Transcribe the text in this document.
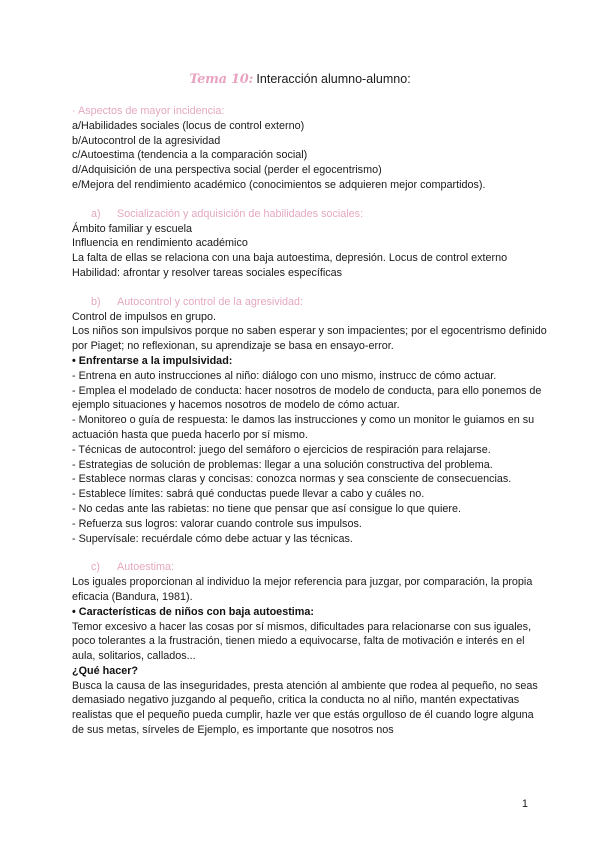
Tema 10: Interacción alumno-alumno:

· Aspectos de mayor incidencia:

a/Habilidades sociales (locus de control externo)

b/Autocontrol de la agresividad

c/Autoestima (tendencia a la comparación social)

d/Adquisición de una perspectiva social (perder el egocentrismo)

e/Mejora del rendimiento académico (conocimientos se adquieren mejor compartidos).

a) Socialización y adquisición de habilidades sociales:

Ámbito familiar y escuela

Influencia en rendimiento académico

La falta de ellas se relaciona con una baja autoestima, depresión. Locus de control externo

Habilidad: afrontar y resolver tareas sociales específicas

b) Autocontrol y control de la agresividad:

Control de impulsos en grupo.

Los niños son impulsivos porque no saben esperar y son impacientes; por el egocentrismo definido por Piaget; no reflexionan, su aprendizaje se basa en ensayo-error.

• Enfrentarse a la impulsividad:

- Entrena en auto instrucciones al niño: diálogo con uno mismo, instrucc de cómo actuar.

- Emplea el modelado de conducta: hacer nosotros de modelo de conducta, para ello ponemos de ejemplo situaciones y hacemos nosotros de modelo de cómo actuar.

- Monitoreo o guía de respuesta: le damos las instrucciones y como un monitor le guiamos en su actuación hasta que pueda hacerlo por sí mismo.

- Técnicas de autocontrol: juego del semáforo o ejercicios de respiración para relajarse.

- Estrategias de solución de problemas: llegar a una solución constructiva del problema.

- Establece normas claras y concisas: conozca normas y sea consciente de consecuencias.

- Establece límites: sabrá qué conductas puede llevar a cabo y cuáles no.

- No cedas ante las rabietas: no tiene que pensar que así consigue lo que quiere.

- Refuerza sus logros: valorar cuando controle sus impulsos.

- Supervísale: recuérdale cómo debe actuar y las técnicas.

c) Autoestima:

Los iguales proporcionan al individuo la mejor referencia para juzgar, por comparación, la propia eficacia (Bandura, 1981).

• Características de niños con baja autoestima:

Temor excesivo a hacer las cosas por sí mismos, dificultades para relacionarse con sus iguales, poco tolerantes a la frustración, tienen miedo a equivocarse, falta de motivación e interés en el aula, solitarios, callados...

¿Qué hacer?

Busca la causa de las inseguridades, presta atención al ambiente que rodea al pequeño, no seas demasiado negativo juzgando al pequeño, critica la conducta no al niño, mantén expectativas realistas que el pequeño pueda cumplir, hazle ver que estás orgulloso de él cuando logre alguna de sus metas, sírveles de Ejemplo, es importante que nosotros nos

1
